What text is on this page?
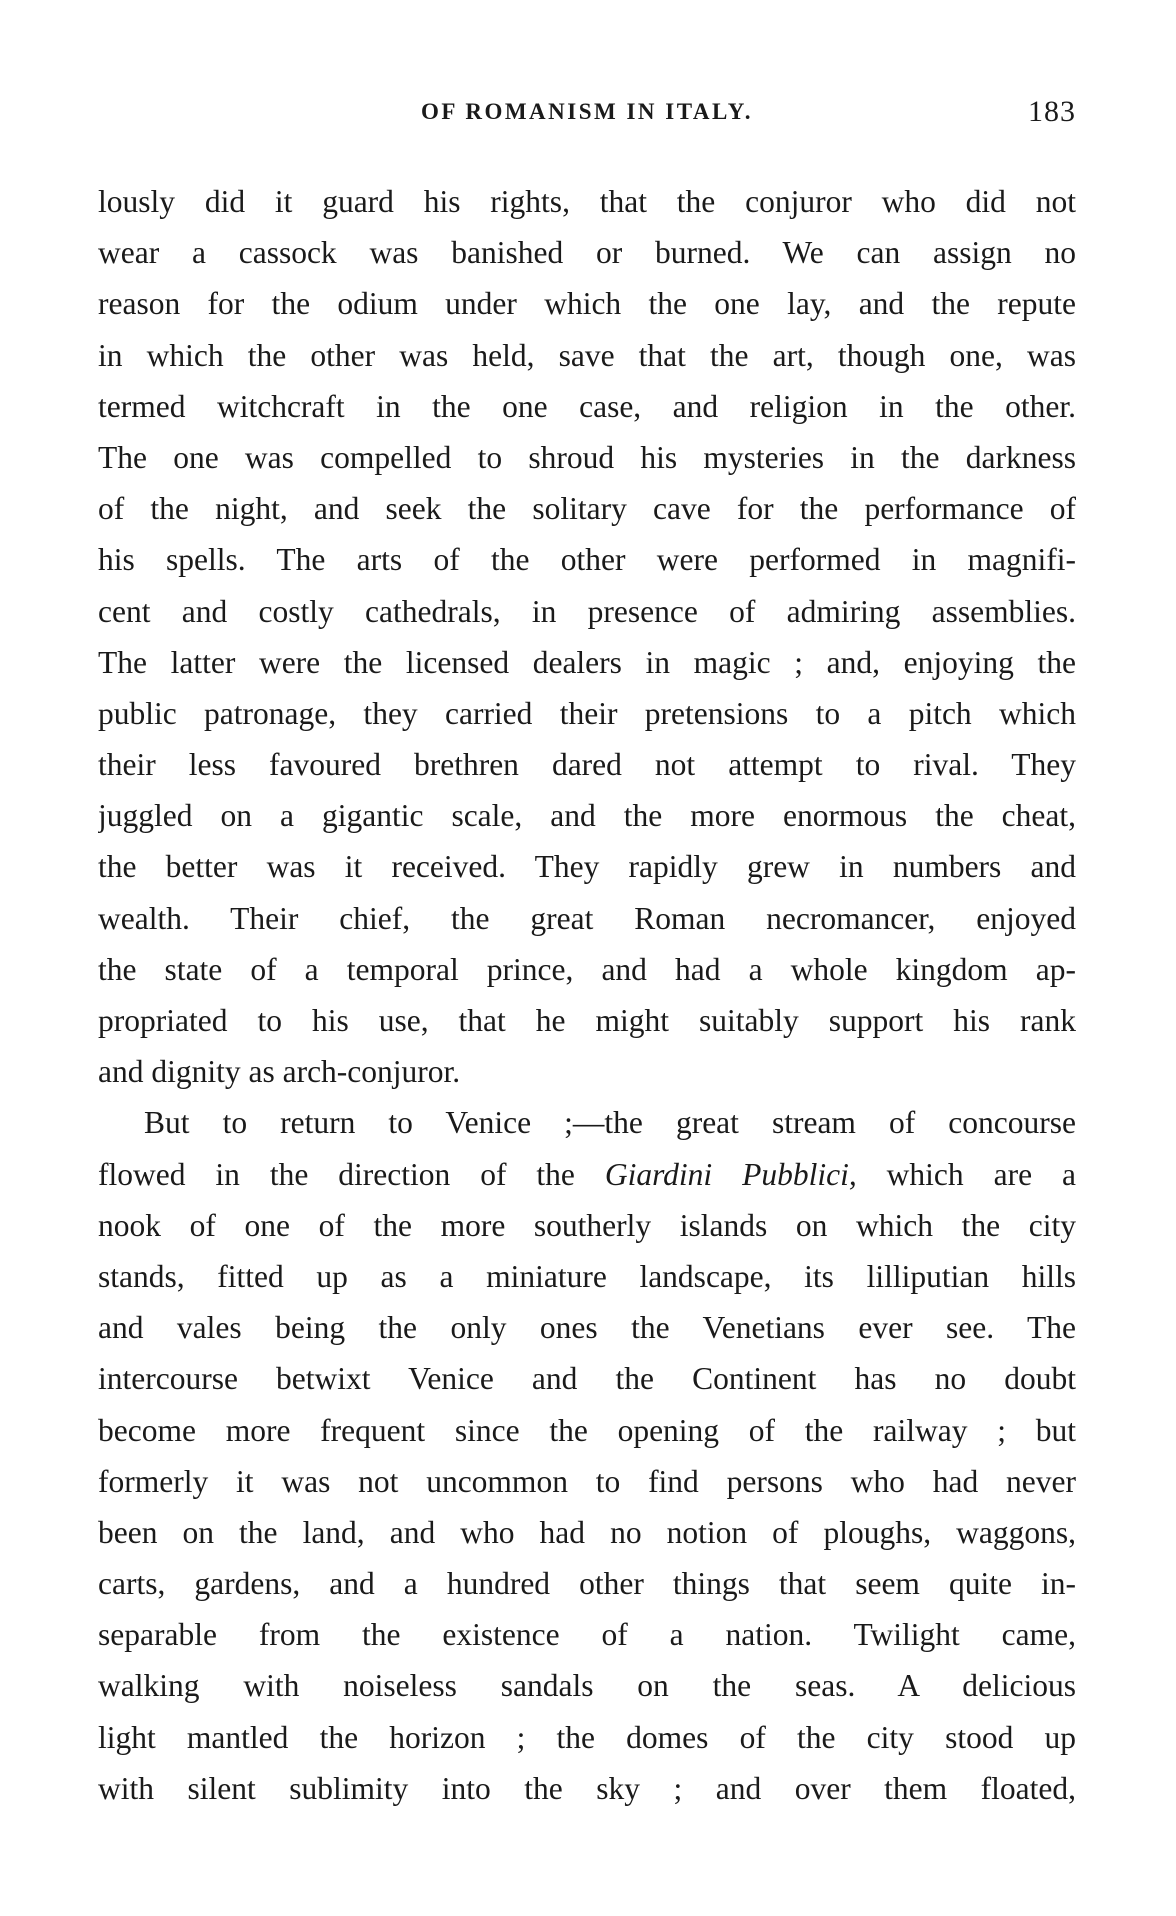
OF ROMANISM IN ITALY.	183
lously did it guard his rights, that the conjuror who did not
wear a cassock was banished or burned. We can assign no
reason for the odium under which the one lay, and the repute
in which the other was held, save that the art, though one, was
termed witchcraft in the one case, and religion in the other.
The one was compelled to shroud his mysteries in the darkness
of the night, and seek the solitary cave for the performance of
his spells. The arts of the other were performed in magnifi-
cent and costly cathedrals, in presence of admiring assemblies.
The latter were the licensed dealers in magic ; and, enjoying the
public patronage, they carried their pretensions to a pitch which
their less favoured brethren dared not attempt to rival. They
juggled on a gigantic scale, and the more enormous the cheat,
the better was it received. They rapidly grew in numbers and
wealth. Their chief, the great Roman necromancer, enjoyed
the state of a temporal prince, and had a whole kingdom ap-
propriated to his use, that he might suitably support his rank
and dignity as arch-conjuror.
But to return to Venice ;—the great stream of concourse
flowed in the direction of the Giardini Pubblici, which are a
nook of one of the more southerly islands on which the city
stands, fitted up as a miniature landscape, its lilliputian hills
and vales being the only ones the Venetians ever see. The
intercourse betwixt Venice and the Continent has no doubt
become more frequent since the opening of the railway ; but
formerly it was not uncommon to find persons who had never
been on the land, and who had no notion of ploughs, waggons,
carts, gardens, and a hundred other things that seem quite in-
separable from the existence of a nation. Twilight came,
walking with noiseless sandals on the seas. A delicious
light mantled the horizon ; the domes of the city stood up
with silent sublimity into the sky ; and over them floated,
